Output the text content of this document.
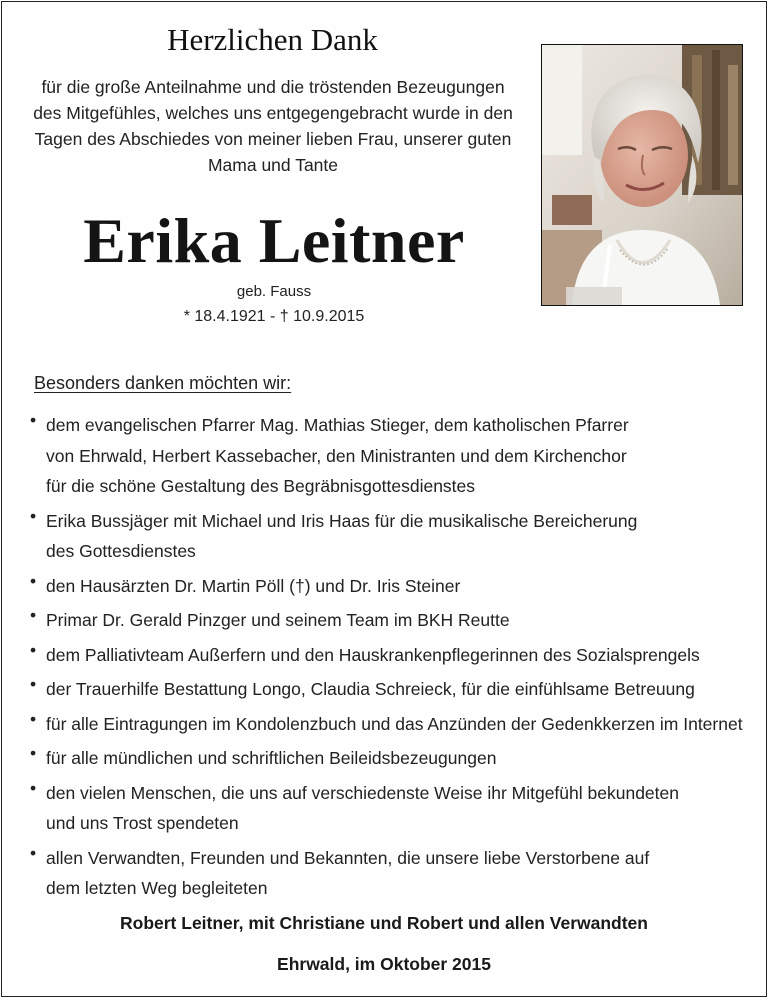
Herzlichen Dank
für die große Anteilnahme und die tröstenden Bezeugungen
des Mitgefühles, welches uns entgegengebracht wurde in den
Tagen des Abschiedes von meiner lieben Frau, unserer guten
Mama und Tante
Erika Leitner
geb. Fauss
* 18.4.1921 - † 10.9.2015
Besonders danken möchten wir:
• dem evangelischen Pfarrer Mag. Mathias Stieger, dem katholischen Pfarrer
von Ehrwald, Herbert Kassebacher, den Ministranten und dem Kirchenchor
für die schöne Gestaltung des Begräbnisgottesdienstes
• Erika Bussjäger mit Michael und Iris Haas für die musikalische Bereicherung
des Gottesdienstes
• den Hausärzten Dr. Martin Pöll (†) und Dr. Iris Steiner
• Primar Dr. Gerald Pinzger und seinem Team im BKH Reutte
• dem Palliativteam Außerfern und den Hauskrankenpflegerinnen des Sozialsprengels
• der Trauerhilfe Bestattung Longo, Claudia Schreieck, für die einfühlsame Betreuung
• für alle Eintragungen im Kondolenzbuch und das Anzünden der Gedenkkerzen im Internet
• für alle mündlichen und schriftlichen Beileidsbezeugungen
• den vielen Menschen, die uns auf verschiedenste Weise ihr Mitgefühl bekundeten
und uns Trost spendeten
• allen Verwandten, Freunden und Bekannten, die unsere liebe Verstorbene auf
dem letzten Weg begleiteten
Robert Leitner, mit Christiane und Robert und allen Verwandten
Ehrwald, im Oktober 2015
